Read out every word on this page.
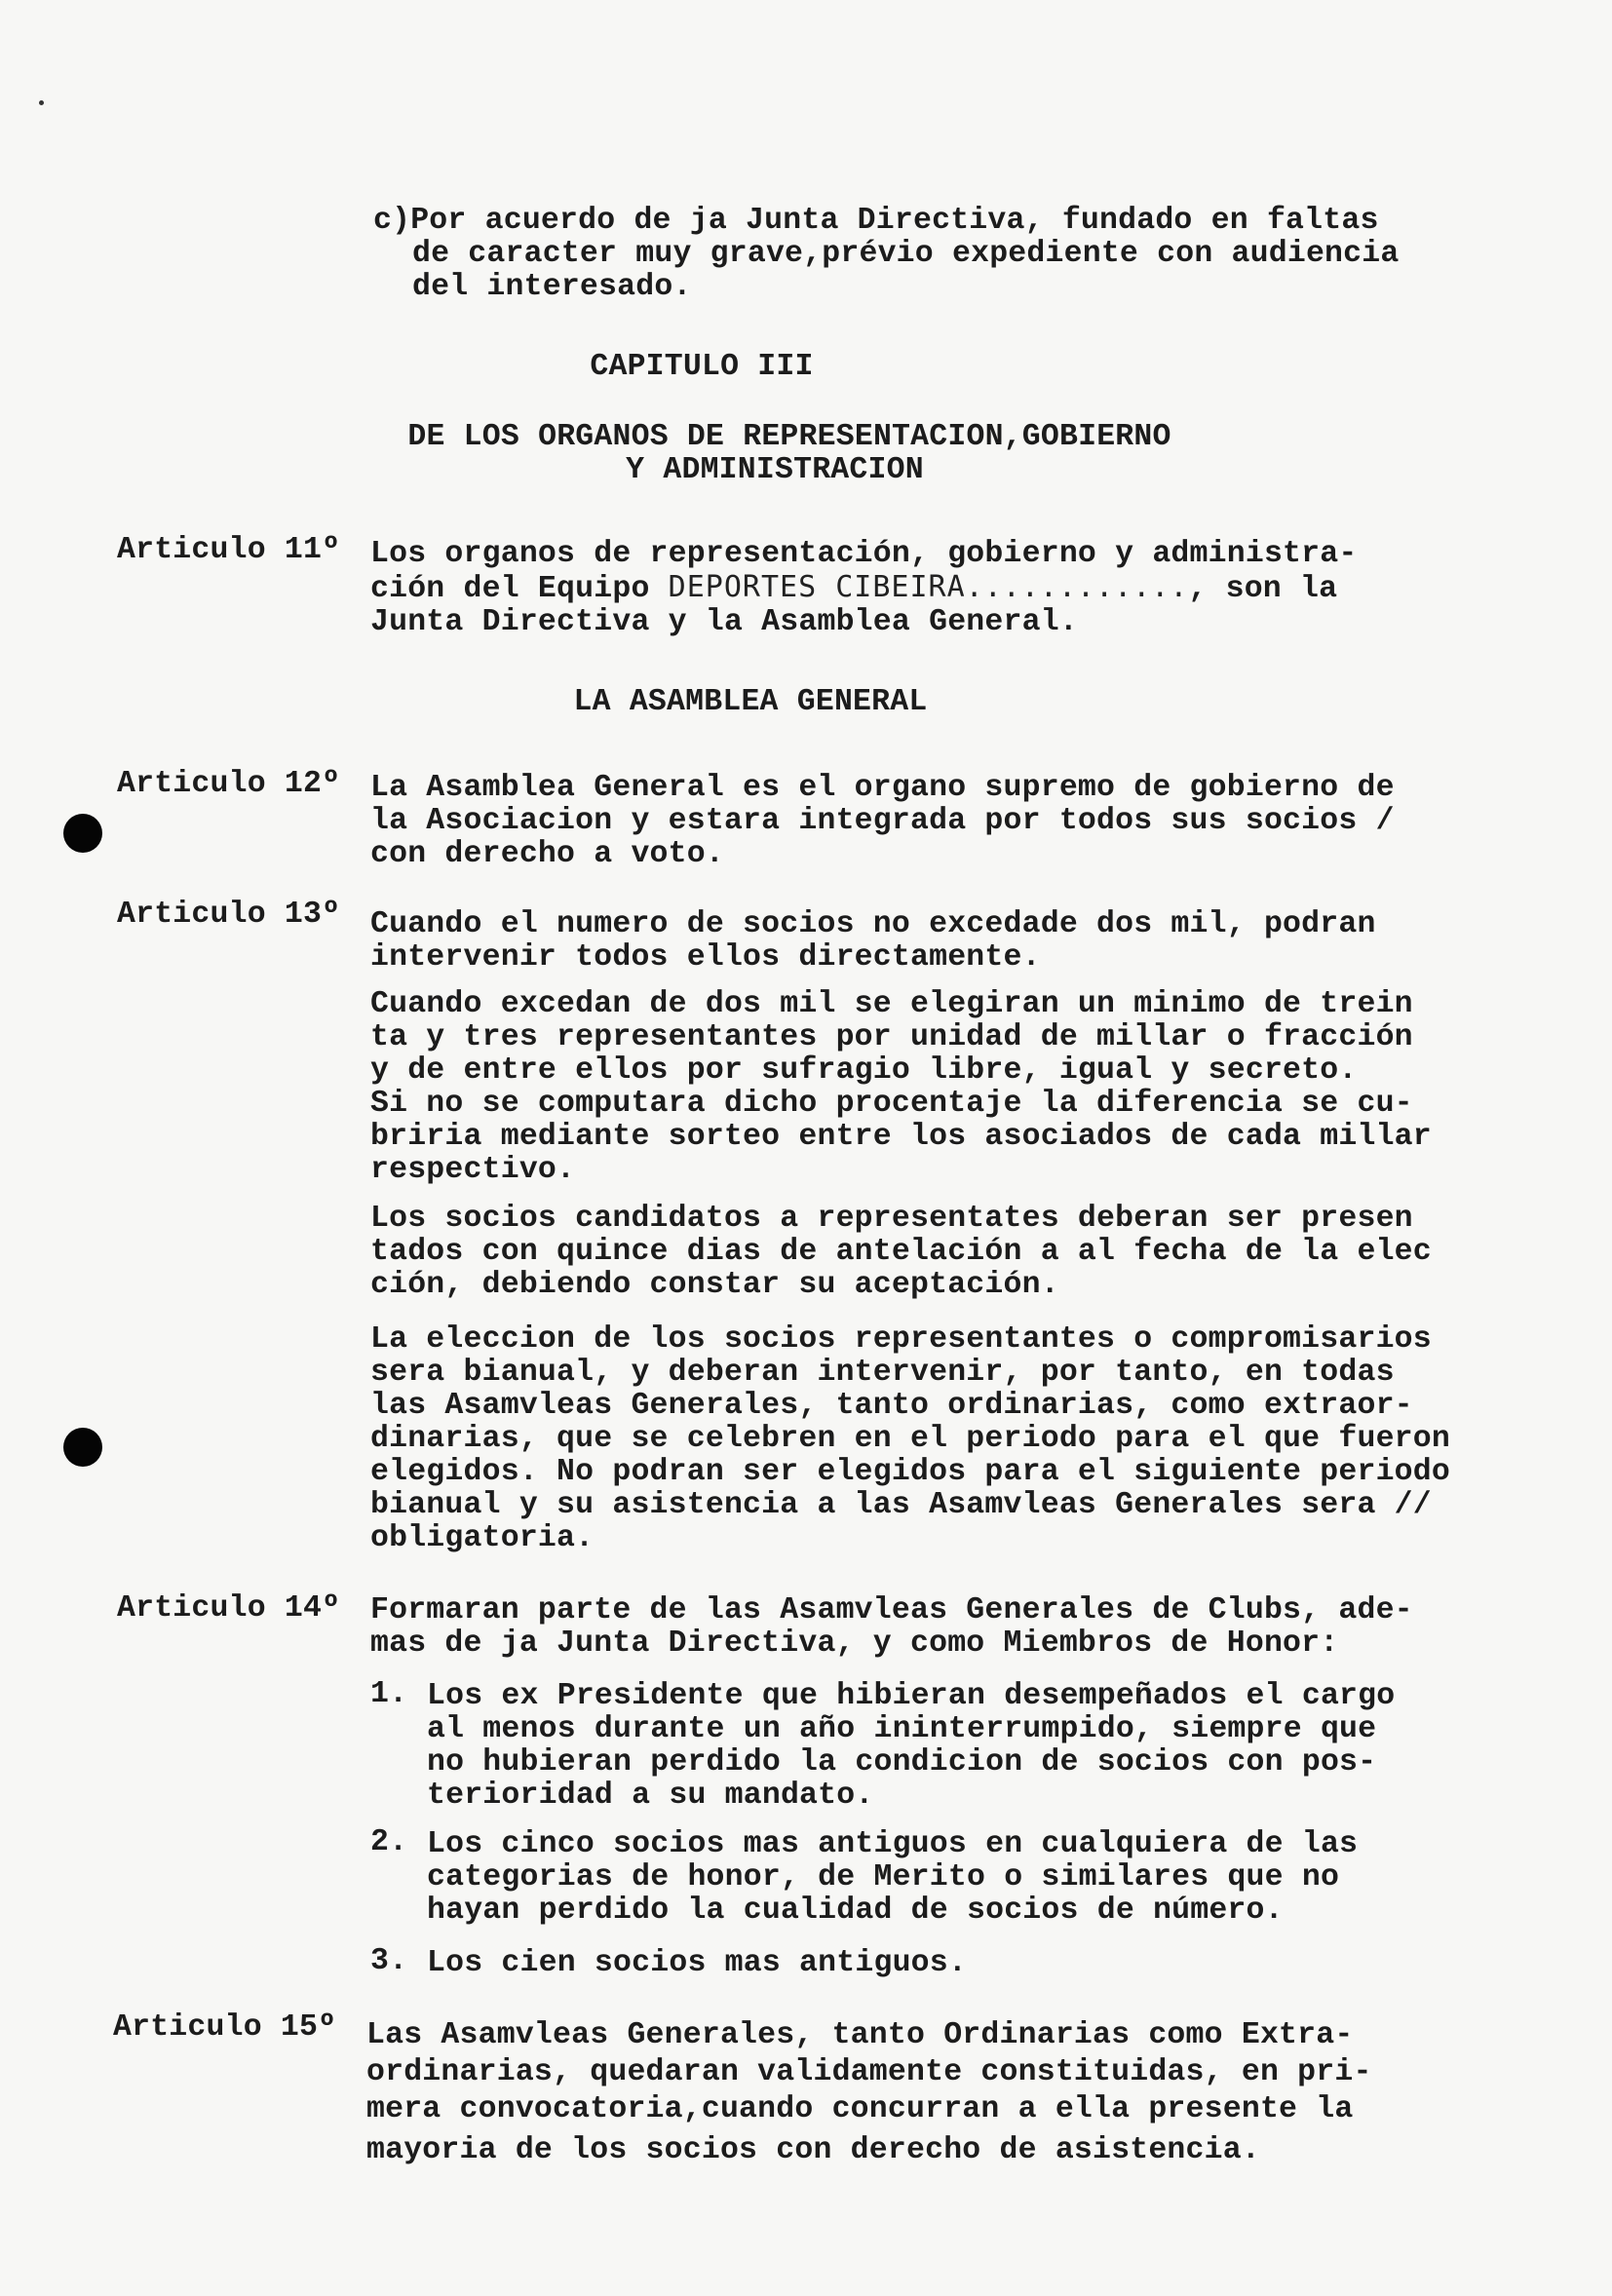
c)Por acuerdo de ja Junta Directiva, fundado en faltas
de caracter muy grave,prévio expediente con audiencia
del interesado.
CAPITULO III
DE LOS ORGANOS DE REPRESENTACION,GOBIERNO
Y ADMINISTRACION
Articulo 11º Los organos de representación, gobierno y administra-
ción del Equipo DEPORTES CIBEIRA............, son la
Junta Directiva y la Asamblea General.
LA ASAMBLEA GENERAL
Articulo 12º La Asamblea General es el organo supremo de gobierno de
la Asociacion y estara integrada por todos sus socios /
con derecho a voto.
Articulo 13º Cuando el numero de socios no excedade dos mil, podran
intervenir todos ellos directamente.
Cuando excedan de dos mil se elegiran un minimo de trein
ta y tres representantes por unidad de millar o fracción
y de entre ellos por sufragio libre, igual y secreto.
Si no se computara dicho procentaje la diferencia se cu-
briria mediante sorteo entre los asociados de cada millar
respectivo.
Los socios candidatos a representates deberan ser presen
tados con quince dias de antelación a al fecha de la elec
ción, debiendo constar su aceptación.
La eleccion de los socios representantes o compromisarios
sera bianual, y deberan intervenir, por tanto, en todas
las Asamvleas Generales, tanto ordinarias, como extraor-
dinarias, que se celebren en el periodo para el que fueron
elegidos. No podran ser elegidos para el siguiente periodo
bianual y su asistencia a las Asamvleas Generales sera //
obligatoria.
Articulo 14º Formaran parte de las Asamvleas Generales de Clubs, ade-
mas de ja Junta Directiva, y como Miembros de Honor:
1. Los ex Presidente que hibieran desempeñados el cargo
al menos durante un año ininterrumpido, siempre que
no hubieran perdido la condicion de socios con pos-
terioridad a su mandato.
2. Los cinco socios mas antiguos en cualquiera de las
categorias de honor, de Merito o similares que no
hayan perdido la cualidad de socios de número.
3. Los cien socios mas antiguos.
Articulo 15º Las Asamvleas Generales, tanto Ordinarias como Extra-
ordinarias, quedaran validamente constituidas, en pri-
mera convocatoria,cuando concurran a ella presente la
mayoria de los socios con derecho de asistencia.
